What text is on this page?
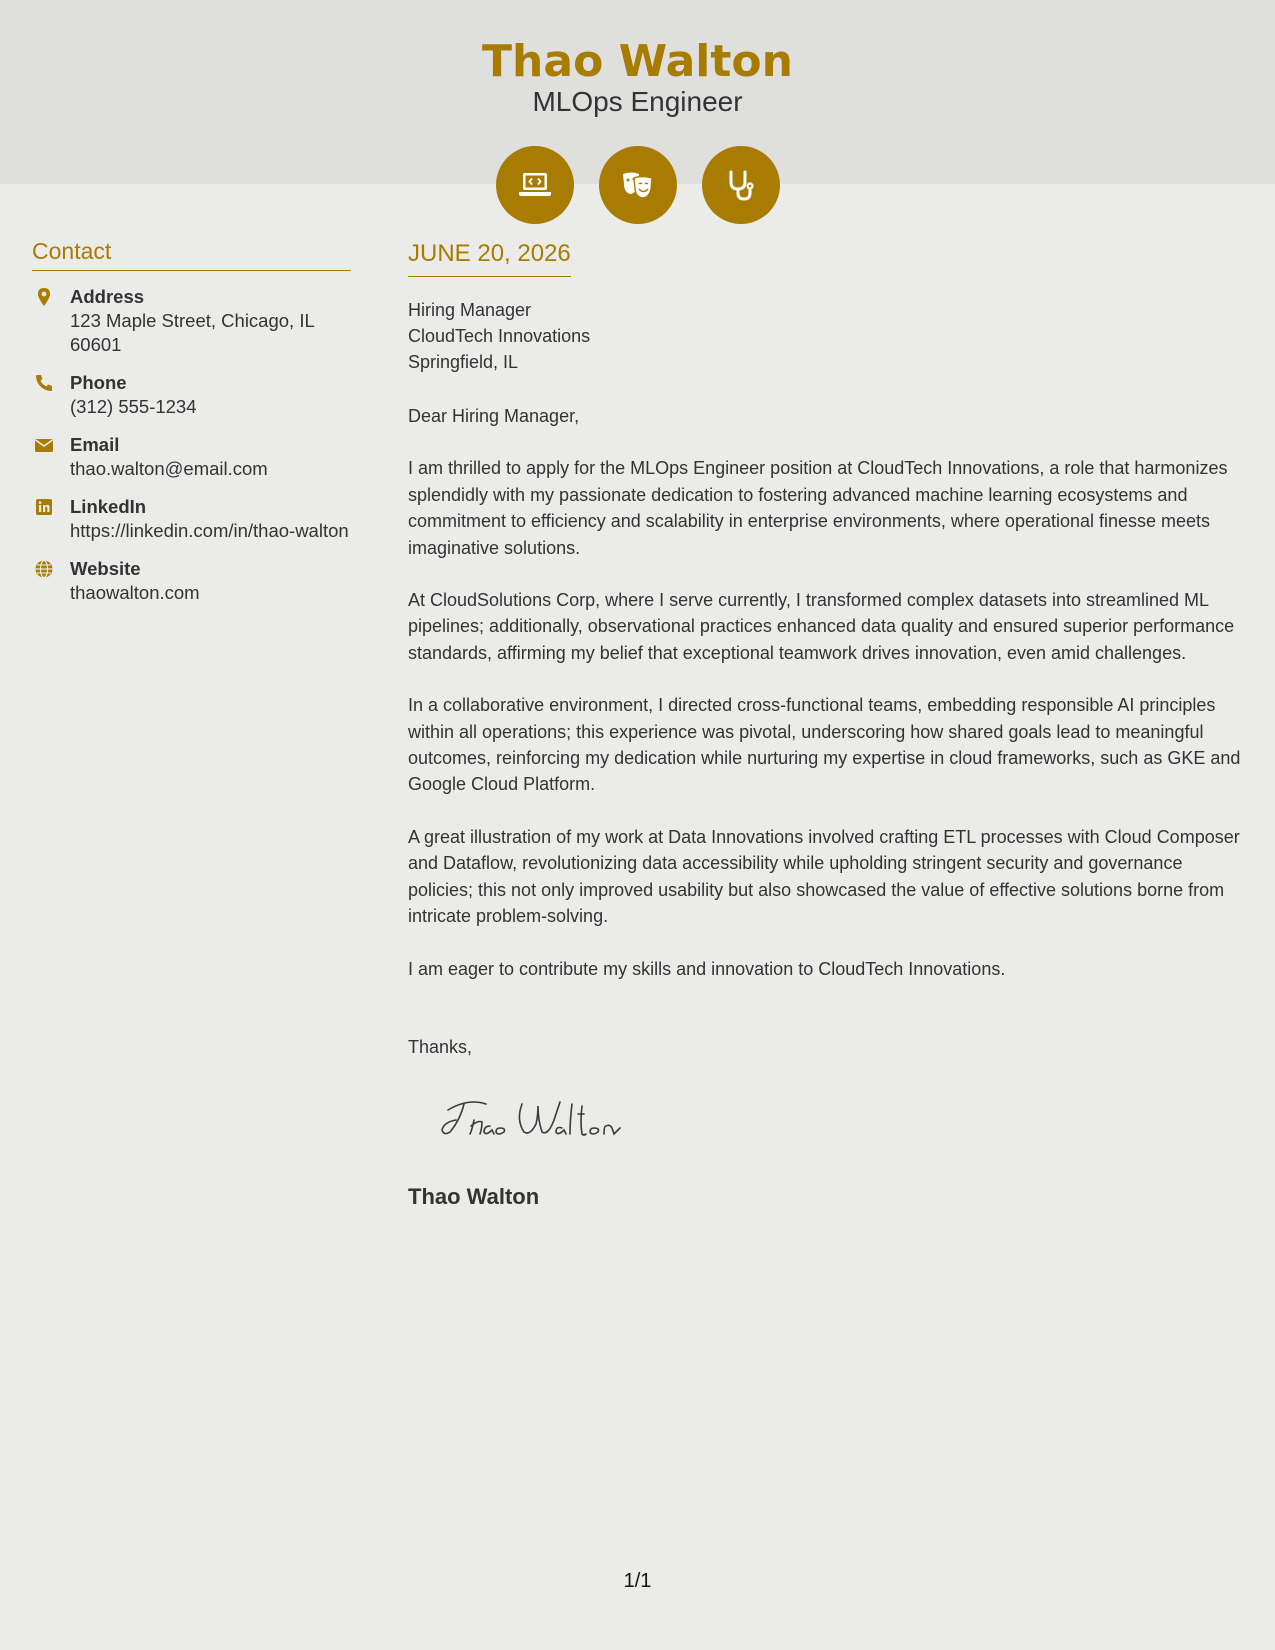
Thao Walton
MLOps Engineer
Contact
Address
123 Maple Street, Chicago, IL 60601
Phone
(312) 555-1234
Email
thao.walton@email.com
LinkedIn
https://linkedin.com/in/thao-walton
Website
thaowalton.com
JUNE 20, 2026
Hiring Manager
CloudTech Innovations
Springfield, IL
Dear Hiring Manager,

I am thrilled to apply for the MLOps Engineer position at CloudTech Innovations, a role that harmonizes splendidly with my passionate dedication to fostering advanced machine learning ecosystems and commitment to efficiency and scalability in enterprise environments, where operational finesse meets imaginative solutions.

At CloudSolutions Corp, where I serve currently, I transformed complex datasets into streamlined ML pipelines; additionally, observational practices enhanced data quality and ensured superior performance standards, affirming my belief that exceptional teamwork drives innovation, even amid challenges.

In a collaborative environment, I directed cross-functional teams, embedding responsible AI principles within all operations; this experience was pivotal, underscoring how shared goals lead to meaningful outcomes, reinforcing my dedication while nurturing my expertise in cloud frameworks, such as GKE and Google Cloud Platform.

A great illustration of my work at Data Innovations involved crafting ETL processes with Cloud Composer and Dataflow, revolutionizing data accessibility while upholding stringent security and governance policies; this not only improved usability but also showcased the value of effective solutions borne from intricate problem-solving.

I am eager to contribute my skills and innovation to CloudTech Innovations.

Thanks,
Thao Walton
1/1
